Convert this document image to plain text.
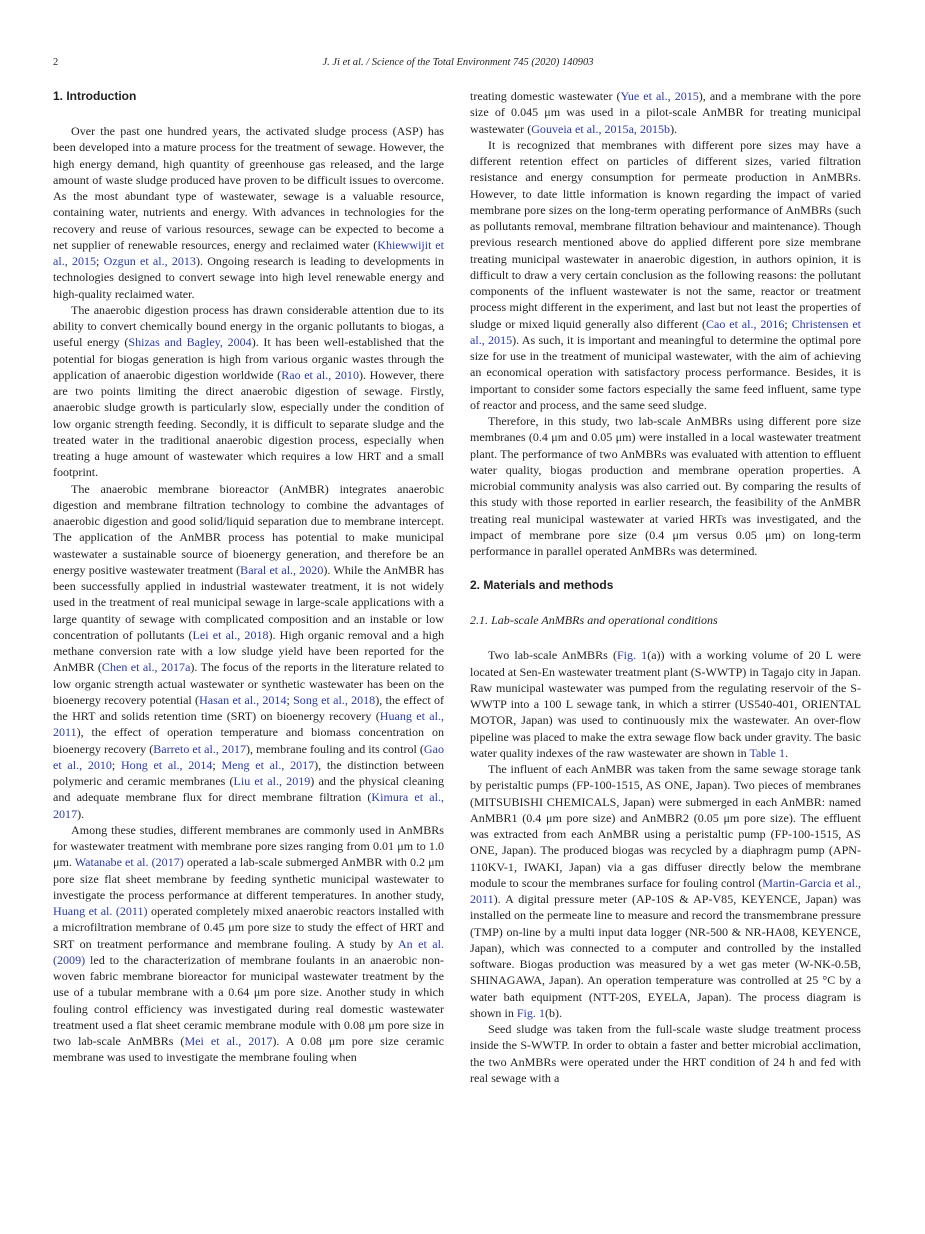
2	J. Ji et al. / Science of the Total Environment 745 (2020) 140903
1. Introduction

Over the past one hundred years, the activated sludge process (ASP) has been developed into a mature process for the treatment of sewage. However, the high energy demand, high quantity of greenhouse gas released, and the large amount of waste sludge produced have proven to be difficult issues to overcome. As the most abundant type of wastewater, sewage is a valuable resource, containing water, nutrients and energy. With advances in technologies for the recovery and reuse of various resources, sewage can be expected to become a net supplier of renewable resources, energy and reclaimed water (Khiewwijit et al., 2015; Ozgun et al., 2013). Ongoing research is leading to developments in technologies designed to convert sewage into high level renewable energy and high-quality reclaimed water.

The anaerobic digestion process has drawn considerable attention due to its ability to convert chemically bound energy in the organic pollutants to biogas, a useful energy (Shizas and Bagley, 2004). It has been well-established that the potential for biogas generation is high from various organic wastes through the application of anaerobic digestion worldwide (Rao et al., 2010). However, there are two points limiting the direct anaerobic digestion of sewage. Firstly, anaerobic sludge growth is particularly slow, especially under the condition of low organic strength feeding. Secondly, it is difficult to separate sludge and the treated water in the traditional anaerobic digestion process, especially when treating a huge amount of wastewater which requires a low HRT and a small footprint.

The anaerobic membrane bioreactor (AnMBR) integrates anaerobic digestion and membrane filtration technology to combine the advantages of anaerobic digestion and good solid/liquid separation due to membrane intercept. The application of the AnMBR process has potential to make municipal wastewater a sustainable source of bioenergy generation, and therefore be an energy positive wastewater treatment (Baral et al., 2020). While the AnMBR has been successfully applied in industrial wastewater treatment, it is not widely used in the treatment of real municipal sewage in large-scale applications with a large quantity of sewage with complicated composition and an instable or low concentration of pollutants (Lei et al., 2018). High organic removal and a high methane conversion rate with a low sludge yield have been reported for the AnMBR (Chen et al., 2017a). The focus of the reports in the literature related to low organic strength actual wastewater or synthetic wastewater has been on the bioenergy recovery potential (Hasan et al., 2014; Song et al., 2018), the effect of the HRT and solids retention time (SRT) on bioenergy recovery (Huang et al., 2011), the effect of operation temperature and biomass concentration on bioenergy recovery (Barreto et al., 2017), membrane fouling and its control (Gao et al., 2010; Hong et al., 2014; Meng et al., 2017), the distinction between polymeric and ceramic membranes (Liu et al., 2019) and the physical cleaning and adequate membrane flux for direct membrane filtration (Kimura et al., 2017).

Among these studies, different membranes are commonly used in AnMBRs for wastewater treatment with membrane pore sizes ranging from 0.01 μm to 1.0 μm. Watanabe et al. (2017) operated a lab-scale submerged AnMBR with 0.2 μm pore size flat sheet membrane by feeding synthetic municipal wastewater to investigate the process performance at different temperatures. In another study, Huang et al. (2011) operated completely mixed anaerobic reactors installed with a microfiltration membrane of 0.45 μm pore size to study the effect of HRT and SRT on treatment performance and membrane fouling. A study by An et al. (2009) led to the characterization of membrane foulants in an anaerobic non-woven fabric membrane bioreactor for municipal wastewater treatment by the use of a tubular membrane with a 0.64 μm pore size. Another study in which fouling control efficiency was investigated during real domestic wastewater treatment used a flat sheet ceramic membrane module with 0.08 μm pore size in two lab-scale AnMBRs (Mei et al., 2017). A 0.08 μm pore size ceramic membrane was used to investigate the membrane fouling when

treating domestic wastewater (Yue et al., 2015), and a membrane with the pore size of 0.045 μm was used in a pilot-scale AnMBR for treating municipal wastewater (Gouveia et al., 2015a, 2015b).

It is recognized that membranes with different pore sizes may have a different retention effect on particles of different sizes, varied filtration resistance and energy consumption for permeate production in AnMBRs. However, to date little information is known regarding the impact of varied membrane pore sizes on the long-term operating performance of AnMBRs (such as pollutants removal, membrane filtration behaviour and maintenance). Though previous research mentioned above do applied different pore size membrane treating municipal wastewater in anaerobic digestion, in authors opinion, it is difficult to draw a very certain conclusion as the following reasons: the pollutant components of the influent wastewater is not the same, reactor or treatment process might different in the experiment, and last but not least the properties of sludge or mixed liquid generally also different (Cao et al., 2016; Christensen et al., 2015). As such, it is important and meaningful to determine the optimal pore size for use in the treatment of municipal wastewater, with the aim of achieving an economical operation with satisfactory process performance. Besides, it is important to consider some factors especially the same feed influent, same type of reactor and process, and the same seed sludge.

Therefore, in this study, two lab-scale AnMBRs using different pore size membranes (0.4 μm and 0.05 μm) were installed in a local wastewater treatment plant. The performance of two AnMBRs was evaluated with attention to effluent water quality, biogas production and membrane operation properties. A microbial community analysis was also carried out. By comparing the results of this study with those reported in earlier research, the feasibility of the AnMBR treating real municipal wastewater at varied HRTs was investigated, and the impact of membrane pore size (0.4 μm versus 0.05 μm) on long-term performance in parallel operated AnMBRs was determined.

2. Materials and methods
2.1. Lab-scale AnMBRs and operational conditions

Two lab-scale AnMBRs (Fig. 1(a)) with a working volume of 20 L were located at Sen-En wastewater treatment plant (S-WWTP) in Tagajo city in Japan. Raw municipal wastewater was pumped from the regulating reservoir of the S-WWTP into a 100 L sewage tank, in which a stirrer (US540-401, ORIENTAL MOTOR, Japan) was used to continuously mix the wastewater. An over-flow pipeline was placed to make the extra sewage flow back under gravity. The basic water quality indexes of the raw wastewater are shown in Table 1.

The influent of each AnMBR was taken from the same sewage storage tank by peristaltic pumps (FP-100-1515, AS ONE, Japan). Two pieces of membranes (MITSUBISHI CHEMICALS, Japan) were submerged in each AnMBR: named AnMBR1 (0.4 μm pore size) and AnMBR2 (0.05 μm pore size). The effluent was extracted from each AnMBR using a peristaltic pump (FP-100-1515, AS ONE, Japan). The produced biogas was recycled by a diaphragm pump (APN-110KV-1, IWAKI, Japan) via a gas diffuser directly below the membrane module to scour the membranes surface for fouling control (Martin-Garcia et al., 2011). A digital pressure meter (AP-10S & AP-V85, KEYENCE, Japan) was installed on the permeate line to measure and record the transmembrane pressure (TMP) on-line by a multi input data logger (NR-500 & NR-HA08, KEYENCE, Japan), which was connected to a computer and controlled by the installed software. Biogas production was measured by a wet gas meter (W-NK-0.5B, SHINAGAWA, Japan). An operation temperature was controlled at 25 °C by a water bath equipment (NTT-20S, EYELA, Japan). The process diagram is shown in Fig. 1(b).

Seed sludge was taken from the full-scale waste sludge treatment process inside the S-WWTP. In order to obtain a faster and better microbial acclimation, the two AnMBRs were operated under the HRT condition of 24 h and fed with real sewage with a
